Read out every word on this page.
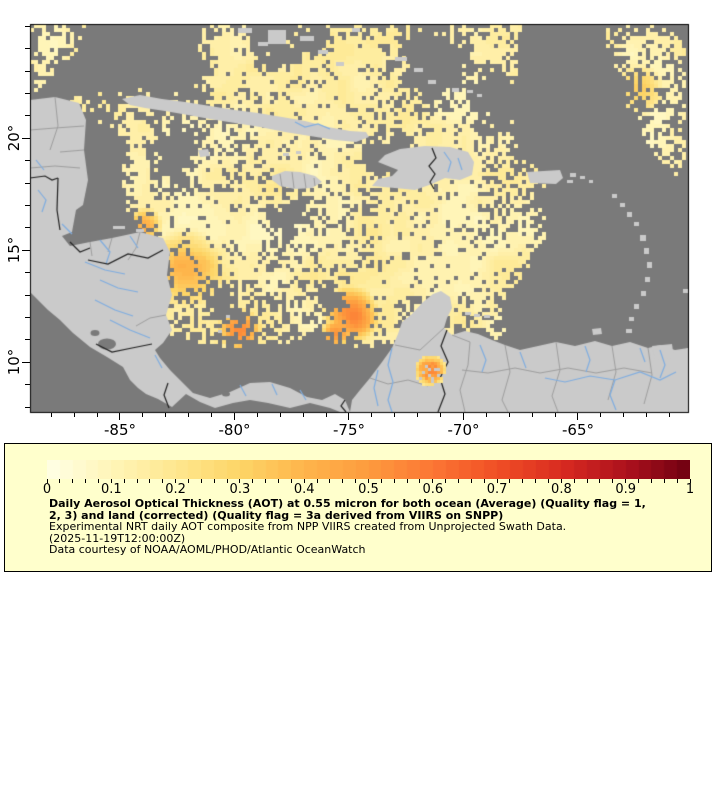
-85°	-80°	-75°	-70°	-65°
10°
15°
20°
0	0.1	0.2	0.3	0.4	0.5	0.6	0.7	0.8	0.9	1
Daily Aerosol Optical Thickness (AOT) at 0.55 micron for both ocean (Average) (Quality flag = 1,
2, 3) and land (corrected) (Quality flag = 3a derived from VIIRS on SNPP)
Experimental NRT daily AOT composite from NPP VIIRS created from Unprojected Swath Data.
(2025-11-19T12:00:00Z)
Data courtesy of NOAA/AOML/PHOD/Atlantic OceanWatch
